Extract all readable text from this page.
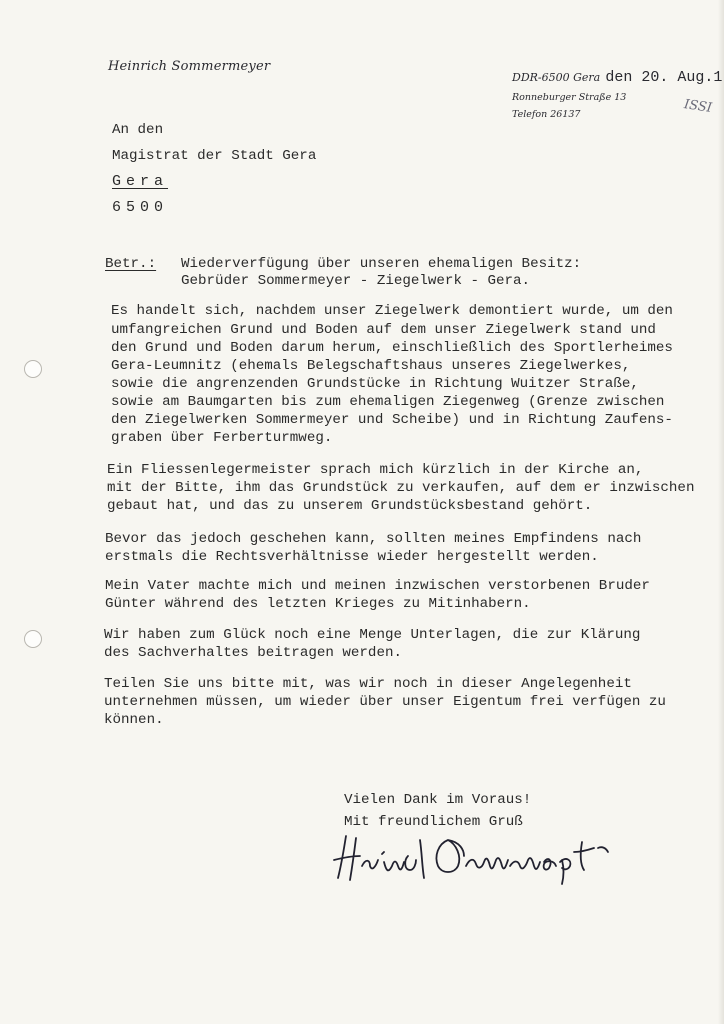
Heinrich Sommermeyer
DDR-6500 Gera den 20. Aug.1
Ronneburger Straße 13
Telefon 26137	ISSI
An den
Magistrat der Stadt Gera
Gera
6500
Betr.: Wiederverfügung über unseren ehemaligen Besitz:
Gebrüder Sommermeyer - Ziegelwerk - Gera.
Es handelt sich, nachdem unser Ziegelwerk demontiert wurde, um den
umfangreichen Grund und Boden auf dem unser Ziegelwerk stand und
den Grund und Boden darum herum, einschließlich des Sportlerheimes
Gera-Leumnitz (ehemals Belegschaftshaus unseres Ziegelwerkes,
sowie die angrenzenden Grundstücke in Richtung Wuitzer Straße,
sowie am Baumgarten bis zum ehemaligen Ziegenweg (Grenze zwischen
den Ziegelwerken Sommermeyer und Scheibe) und in Richtung Zaufens-
graben über Ferberturmweg.
Ein Fliessenlegermeister sprach mich kürzlich in der Kirche an,
mit der Bitte, ihm das Grundstück zu verkaufen, auf dem er inzwischen
gebaut hat, und das zu unserem Grundstücksbestand gehört.
Bevor das jedoch geschehen kann, sollten meines Empfindens nach
erstmals die Rechtsverhältnisse wieder hergestellt werden.
Mein Vater machte mich und meinen inzwischen verstorbenen Bruder
Günter während des letzten Krieges zu Mitinhabern.
Wir haben zum Glück noch eine Menge Unterlagen, die zur Klärung
des Sachverhaltes beitragen werden.
Teilen Sie uns bitte mit, was wir noch in dieser Angelegenheit
unternehmen müssen, um wieder über unser Eigentum frei verfügen zu
können.
Vielen Dank im Voraus!
Mit freundlichem Gruß
